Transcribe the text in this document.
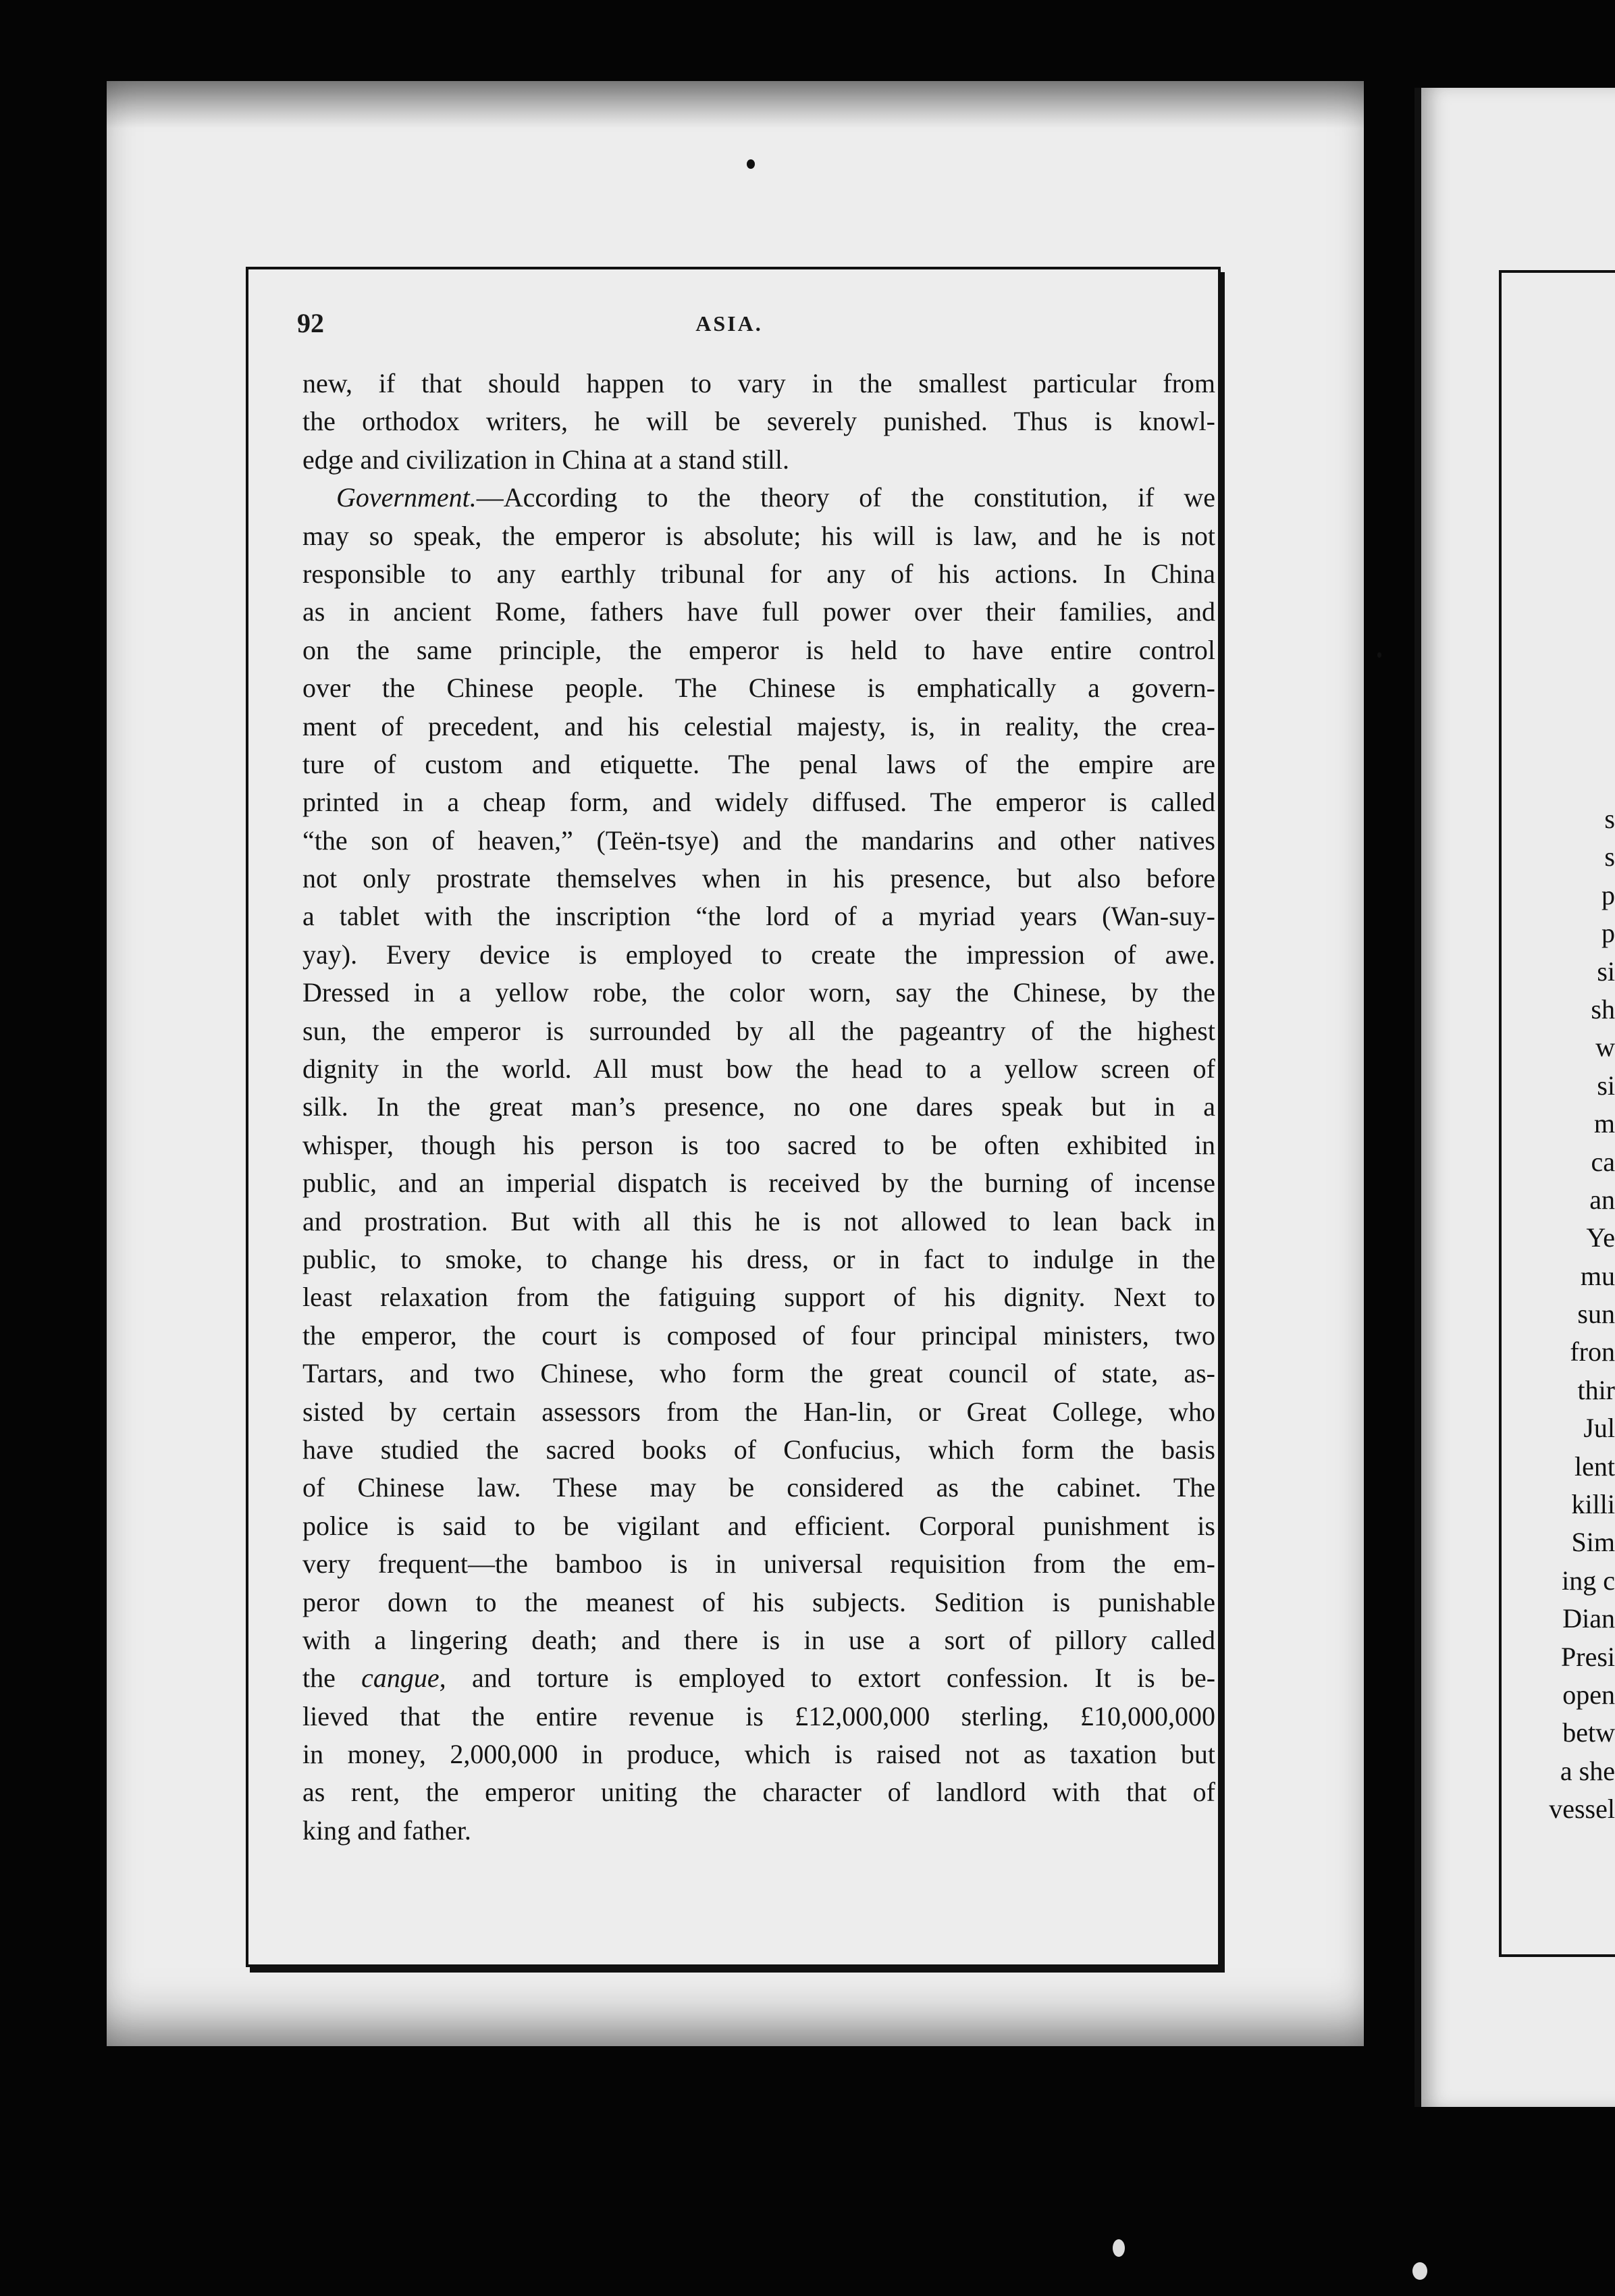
s
s
p
p
si
sh
w
si
m
ca
an
Ye
mu
sun
fron
thir
Jul
lent
killi
Sim
ing c
Dian
Presi
open
betw
a she
vessel
92	ASIA.
new, if that should happen to vary in the smallest particular from
the orthodox writers, he will be severely punished. Thus is knowl-
edge and civilization in China at a stand still.
Government.—According to the theory of the constitution, if we
may so speak, the emperor is absolute; his will is law, and he is not
responsible to any earthly tribunal for any of his actions. In China
as in ancient Rome, fathers have full power over their families, and
on the same principle, the emperor is held to have entire control
over the Chinese people. The Chinese is emphatically a govern-
ment of precedent, and his celestial majesty, is, in reality, the crea-
ture of custom and etiquette. The penal laws of the empire are
printed in a cheap form, and widely diffused. The emperor is called
“the son of heaven,” (Teën-tsye) and the mandarins and other natives
not only prostrate themselves when in his presence, but also before
a tablet with the inscription “the lord of a myriad years (Wan-suy-
yay). Every device is employed to create the impression of awe.
Dressed in a yellow robe, the color worn, say the Chinese, by the
sun, the emperor is surrounded by all the pageantry of the highest
dignity in the world. All must bow the head to a yellow screen of
silk. In the great man’s presence, no one dares speak but in a
whisper, though his person is too sacred to be often exhibited in
public, and an imperial dispatch is received by the burning of incense
and prostration. But with all this he is not allowed to lean back in
public, to smoke, to change his dress, or in fact to indulge in the
least relaxation from the fatiguing support of his dignity. Next to
the emperor, the court is composed of four principal ministers, two
Tartars, and two Chinese, who form the great council of state, as-
sisted by certain assessors from the Han-lin, or Great College, who
have studied the sacred books of Confucius, which form the basis
of Chinese law. These may be considered as the cabinet. The
police is said to be vigilant and efficient. Corporal punishment is
very frequent—the bamboo is in universal requisition from the em-
peror down to the meanest of his subjects. Sedition is punishable
with a lingering death; and there is in use a sort of pillory called
the cangue, and torture is employed to extort confession. It is be-
lieved that the entire revenue is £12,000,000 sterling, £10,000,000
in money, 2,000,000 in produce, which is raised not as taxation but
as rent, the emperor uniting the character of landlord with that of
king and father.
